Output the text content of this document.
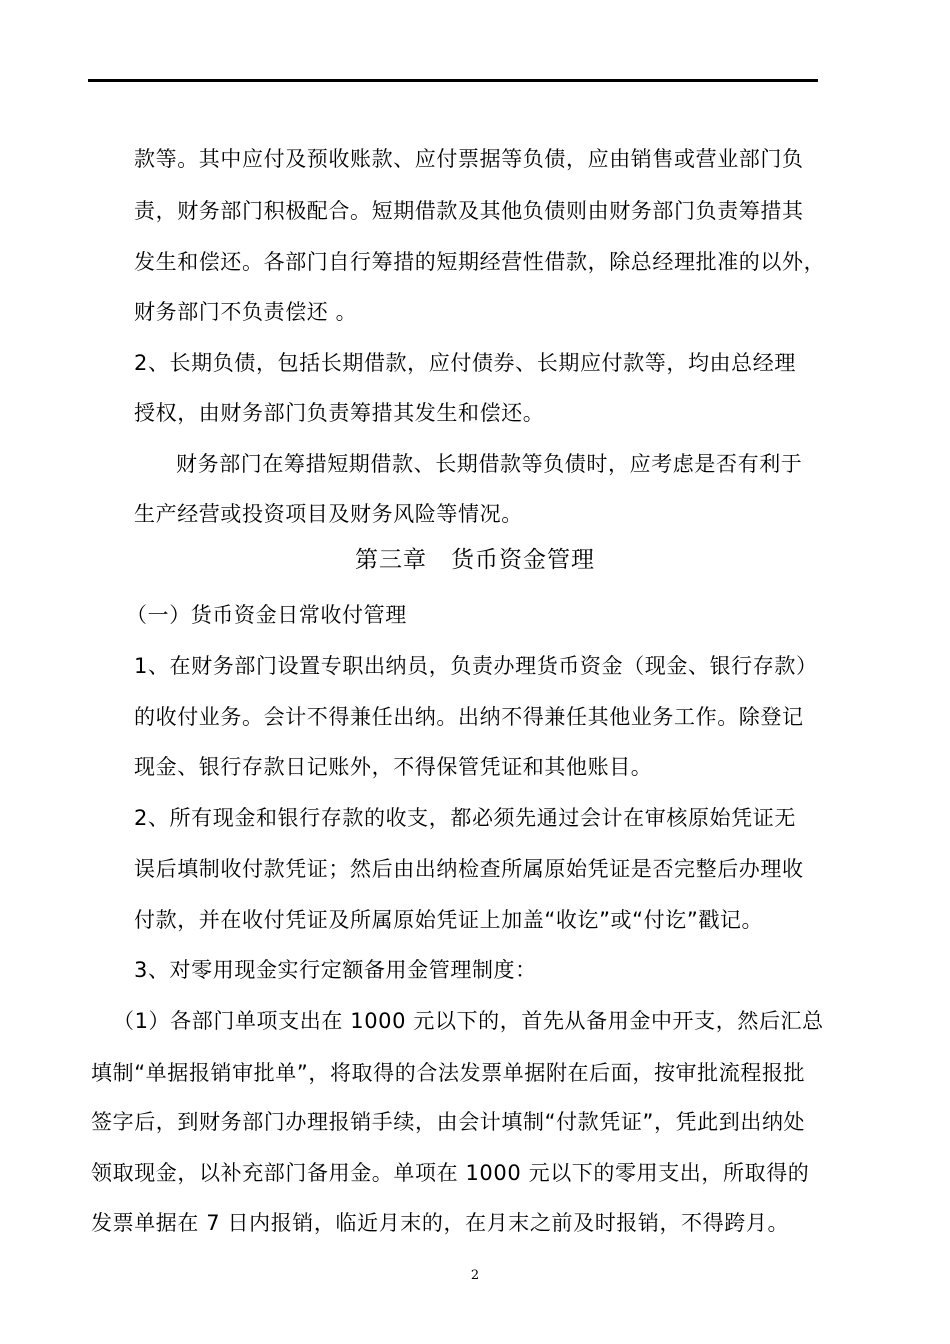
款等。其中应付及预收账款、应付票据等负债，应由销售或营业部门负
责，财务部门积极配合。短期借款及其他负债则由财务部门负责筹措其
发生和偿还。各部门自行筹措的短期经营性借款，除总经理批准的以外，
财务部门不负责偿还 。
2、长期负债，包括长期借款，应付债券、长期应付款等，均由总经理
授权，由财务部门负责筹措其发生和偿还。
财务部门在筹措短期借款、长期借款等负债时，应考虑是否有利于
生产经营或投资项目及财务风险等情况。
第三章　货币资金管理
（一）货币资金日常收付管理
1、在财务部门设置专职出纳员，负责办理货币资金（现金、银行存款）
的收付业务。会计不得兼任出纳。出纳不得兼任其他业务工作。除登记
现金、银行存款日记账外，不得保管凭证和其他账目。
2、所有现金和银行存款的收支，都必须先通过会计在审核原始凭证无
误后填制收付款凭证；然后由出纳检查所属原始凭证是否完整后办理收
付款，并在收付凭证及所属原始凭证上加盖“收讫”或“付讫”戳记。
3、对零用现金实行定额备用金管理制度：
（1）各部门单项支出在 1000 元以下的，首先从备用金中开支，然后汇总
填制“单据报销审批单”，将取得的合法发票单据附在后面，按审批流程报批
签字后，到财务部门办理报销手续，由会计填制“付款凭证”，凭此到出纳处
领取现金，以补充部门备用金。单项在 1000 元以下的零用支出，所取得的
发票单据在 7 日内报销，临近月末的，在月末之前及时报销，不得跨月。
2
